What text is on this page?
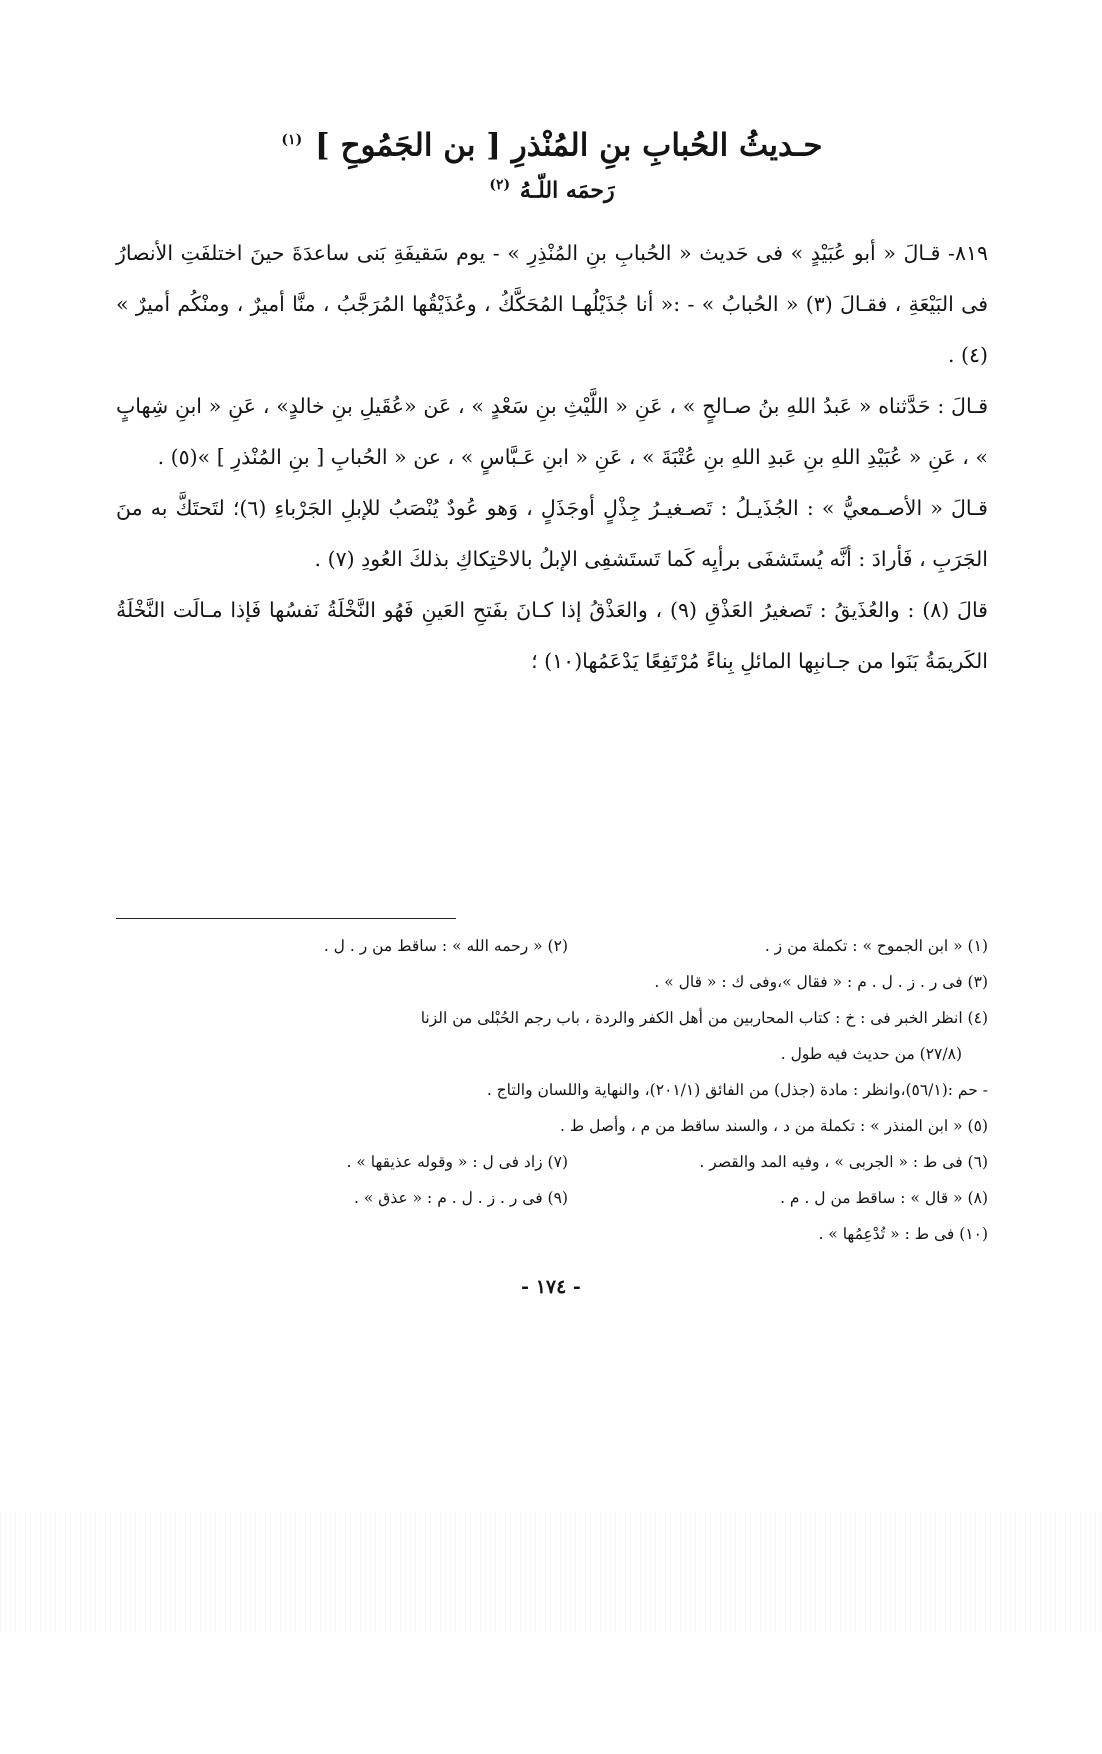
حـديثُ الحُبابِ بنِ المُنْذرِ [ بن الجَمُوحِ ] $^{(١)}$
رَحمَه اللّـهُ $^{(٢)}$

٨١٩- قـالَ « أبو عُبَيْدٍ » فى حَديث « الحُبابِ بنِ المُنْذِرِ » - يوم سَقيفَةِ بَنى ساعدَةَ حينَ اختلفَتِ الأنصارُ فى البَيْعَةِ ، فقـالَ (٣) « الحُبابُ » - :« أنا جُذَيْلُهـا المُحَكَّكُ ، وعُذَيْقُها المُرَجَّبُ ، منَّا أميرٌ ، ومنْكُم أميرٌ » (٤) .

قـالَ : حَدَّثناه « عَبدُ اللهِ بنُ صـالحٍ » ، عَنِ « اللَّيْثِ بنِ سَعْدٍ » ، عَن «عُقَيلِ بنِ خالدٍ» ، عَنِ « ابنِ شِهابٍ » ، عَنِ « عُبَيْدِ اللهِ بنِ عَبدِ اللهِ بنِ عُتْبَةَ » ، عَنِ « ابنِ عَـبَّاسٍ » ، عن « الحُبابِ [ بنِ المُنْذرِ ] »(٥) .

قـالَ « الأصـمعيُّ » : الجُذَيـلُ : تَصـغيـرُ جِذْلٍ أوجَذَلٍ ، وَهو عُودٌ يُنْصَبُ للإبلِ الجَرْباءِ (٦)؛ لتَحتَكَّ به منَ الجَرَبِ ، فَأرادَ : أنَّه يُستَشفَى برأيِه كَما تَستَشفِى الإبلُ بالاحْتِكاكِ بذلكَ العُودِ (٧) .

قالَ (٨) : والعُذَيقُ : تَصغيرُ العَذْقِ (٩) ، والعَذْقُ إذا كـانَ بفَتحِ العَينِ فَهُو النَّخْلَةُ نَفسُها فَإذا مـالَت النَّخْلَةُ الكَريمَةُ بَنَوا من جـانبِها المائلِ بِناءً مُرْتَفِعًا يَدْعَمُها(١٠) ؛

(١) « ابن الجموح » : تكملة من ز .
(٢) « رحمه الله » : ساقط من ر . ل .
(٣) فى ر . ز . ل . م : « فقال »،وفى ك : « قال » .
(٤) انظر الخبر فى : خ : كتاب المحاربين من أهل الكفر والردة ، باب رجم الحُبْلى من الزنا
(٢٧/٨) من حديث فيه طول .
- حم :(٥٦/١)،وانظر : مادة (جذل) من الفائق (٢٠١/١)، والنهاية واللسان والتاج .
(٥) « ابن المنذر » : تكملة من د ، والسند ساقط من م ، وأصل ط .
(٦) فى ط : « الجربى » ، وفيه المد والقصر .
(٧) زاد فى ل : « وقوله عذيقها » .
(٨) « قال » : ساقط من ل . م .
(٩) فى ر . ز . ل . م : « عذق » .
(١٠) فى ط : « تُدْعِمُها » .
- ١٧٤ -
